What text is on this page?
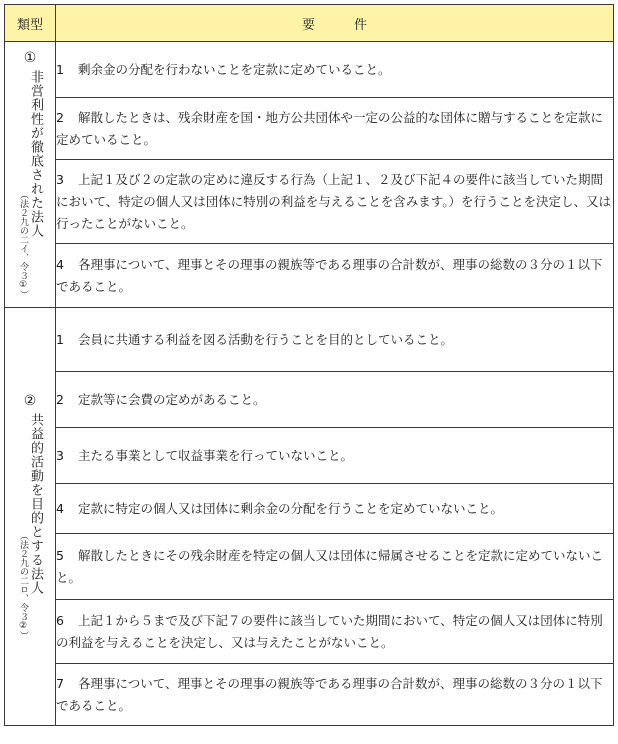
類型	要　　　件

①
（法２九の二イ、令３①）
非営利性が徹底された法人	1 剰余金の分配を行わないことを定款に定めていること。
	2 解散したときは、残余財産を国・地方公共団体や一定の公益的な団体に贈与することを定款に定めていること。
	3 上記１及び２の定款の定めに違反する行為（上記１、２及び下記４の要件に該当していた期間において、特定の個人又は団体に特別の利益を与えることを含みます。）を行うことを決定し、又は行ったことがないこと。
	4 各理事について、理事とその理事の親族等である理事の合計数が、理事の総数の３分の１以下であること。

②
（法２九の二ロ、令３②） 共益的活動を目的とする法人	1 会員に共通する利益を図る活動を行うことを目的としていること。
	2 定款等に会費の定めがあること。
	3 主たる事業として収益事業を行っていないこと。
	4 定款に特定の個人又は団体に剰余金の分配を行うことを定めていないこと。
	5 解散したときにその残余財産を特定の個人又は団体に帰属させることを定款に定めていないこと。
	6 上記１から５まで及び下記７の要件に該当していた期間において、特定の個人又は団体に特別の利益を与えることを決定し、又は与えたことがないこと。
	7 各理事について、理事とその理事の親族等である理事の合計数が、理事の総数の３分の１以下であること。
